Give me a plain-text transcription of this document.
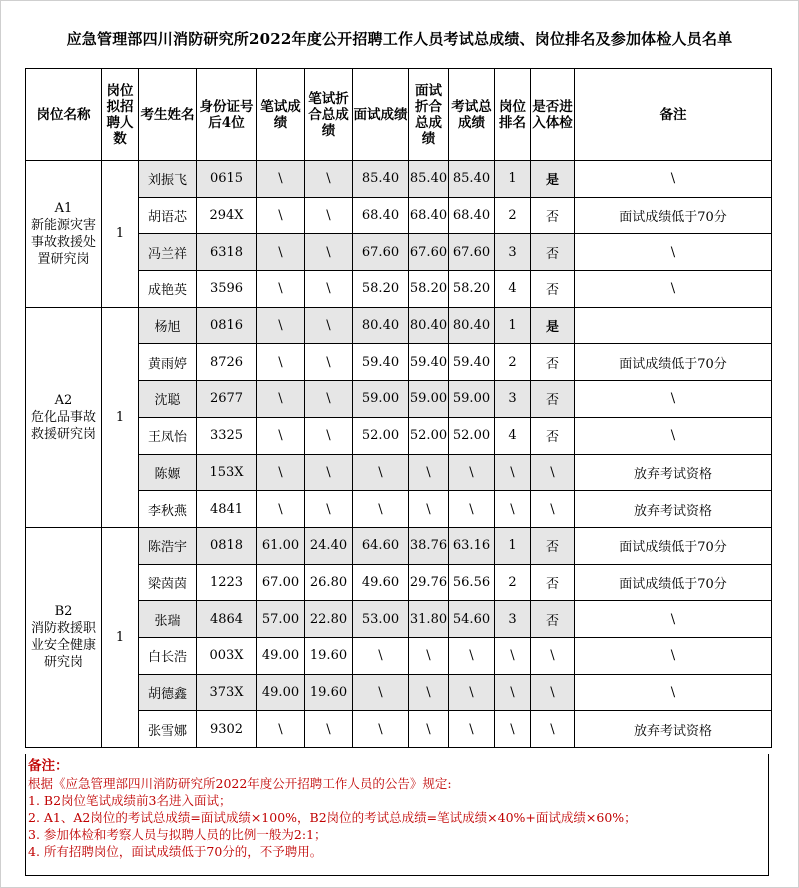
应急管理部四川消防研究所2022年度公开招聘工作人员考试总成绩、岗位排名及参加体检人员名单
岗位名称	岗位拟招聘人数	考生姓名	身份证号后4位	笔试成绩	笔试折合总成绩	面试成绩	面试折合总成绩	考试总成绩	岗位排名	是否进入体检	备注
A1
新能源灾害事故救援处置研究岗	1	刘振飞	0615	\	\	85.40	85.40	85.40	1	是	\
		胡语芯	294X	\	\	68.40	68.40	68.40	2	否	面试成绩低于70分
		冯兰祥	6318	\	\	67.60	67.60	67.60	3	否	\
		成艳英	3596	\	\	58.20	58.20	58.20	4	否	\
A2
危化品事故救援研究岗	1	杨旭	0816	\	\	80.40	80.40	80.40	1	是	
		黄雨婷	8726	\	\	59.40	59.40	59.40	2	否	面试成绩低于70分
		沈聪	2677	\	\	59.00	59.00	59.00	3	否	\
		王凤怡	3325	\	\	52.00	52.00	52.00	4	否	\
		陈嫄	153X	\	\	\	\	\	\	\	放弃考试资格
		李秋燕	4841	\	\	\	\	\	\	\	放弃考试资格
B2
消防救援职业安全健康研究岗	1	陈浩宇	0818	61.00	24.40	64.60	38.76	63.16	1	否	面试成绩低于70分
		梁茵茵	1223	67.00	26.80	49.60	29.76	56.56	2	否	面试成绩低于70分
		张瑞	4864	57.00	22.80	53.00	31.80	54.60	3	否	\
		白长浩	003X	49.00	19.60	\	\	\	\	\	\
		胡德鑫	373X	49.00	19.60	\	\	\	\	\	\
		张雪娜	9302	\	\	\	\	\	\	\	放弃考试资格
备注：
根据《应急管理部四川消防研究所2022年度公开招聘工作人员的公告》规定:
1. B2岗位笔试成绩前3名进入面试；
2. A1、A2岗位的考试总成绩=面试成绩×100%，B2岗位的考试总成绩=笔试成绩×40%+面试成绩×60%；
3. 参加体检和考察人员与拟聘人员的比例一般为2:1；
4. 所有招聘岗位，面试成绩低于70分的，不予聘用。
